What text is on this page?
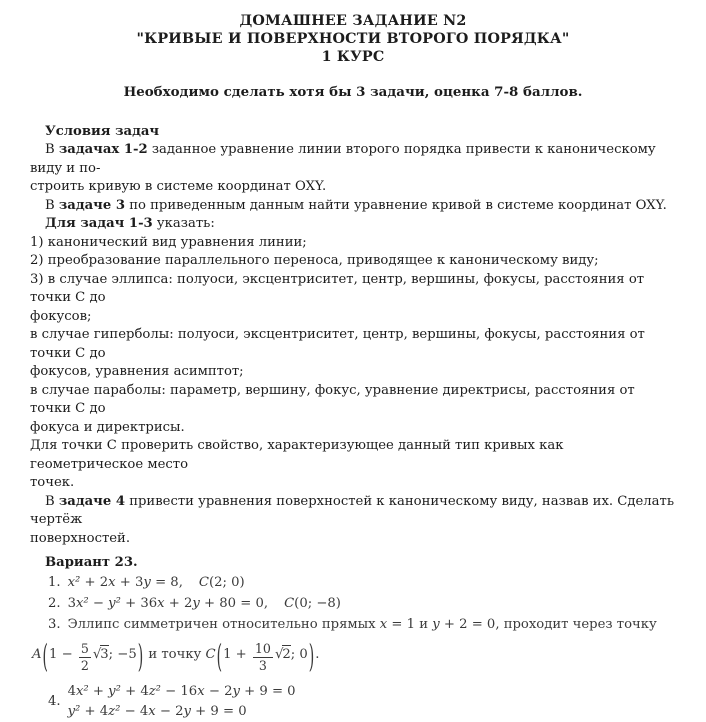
ДОМАШНЕЕ ЗАДАНИЕ N2
"КРИВЫЕ И ПОВЕРХНОСТИ ВТОРОГО ПОРЯДКА"
1 КУРС
Необходимо сделать хотя бы 3 задачи, оценка 7-8 баллов.
Условия задач
В задачах 1-2 заданное уравнение линии второго порядка привести к каноническому виду и по-
строить кривую в системе координат OXY.
В задаче 3 по приведенным данным найти уравнение кривой в системе координат OXY.
Для задач 1-3 указать:
1) канонический вид уравнения линии;
2) преобразование параллельного переноса, приводящее к каноническому виду;
3) в случае эллипса: полуоси, эксцентриситет, центр, вершины, фокусы, расстояния от точки C до
фокусов;
в случае гиперболы: полуоси, эксцентриситет, центр, вершины, фокусы, расстояния от точки C до
фокусов, уравнения асимптот;
в случае параболы: параметр, вершину, фокус, уравнение директрисы, расстояния от точки C до
фокуса и директрисы.
Для точки C проверить свойство, характеризующее данный тип кривых как геометрическое место
точек.
В задаче 4 привести уравнения поверхностей к каноническому виду, назвав их. Сделать чертёж
поверхностей.
Вариант 23.
1. x² + 2x + 3y = 8, C(2; 0)
2. 3x² − y² + 36x + 2y + 80 = 0, C(0; −8)
3. Эллипс симметричен относительно прямых x = 1 и y + 2 = 0, проходит через точку
$A(1 - \frac{5}{2} √3$; −5) и точку $C(1 + \frac{10}{3} √2$; 0).
4.
4x² + y² + 4z² − 16x − 2y + 9 = 0
y² + 4z² − 4x − 2y + 9 = 0
